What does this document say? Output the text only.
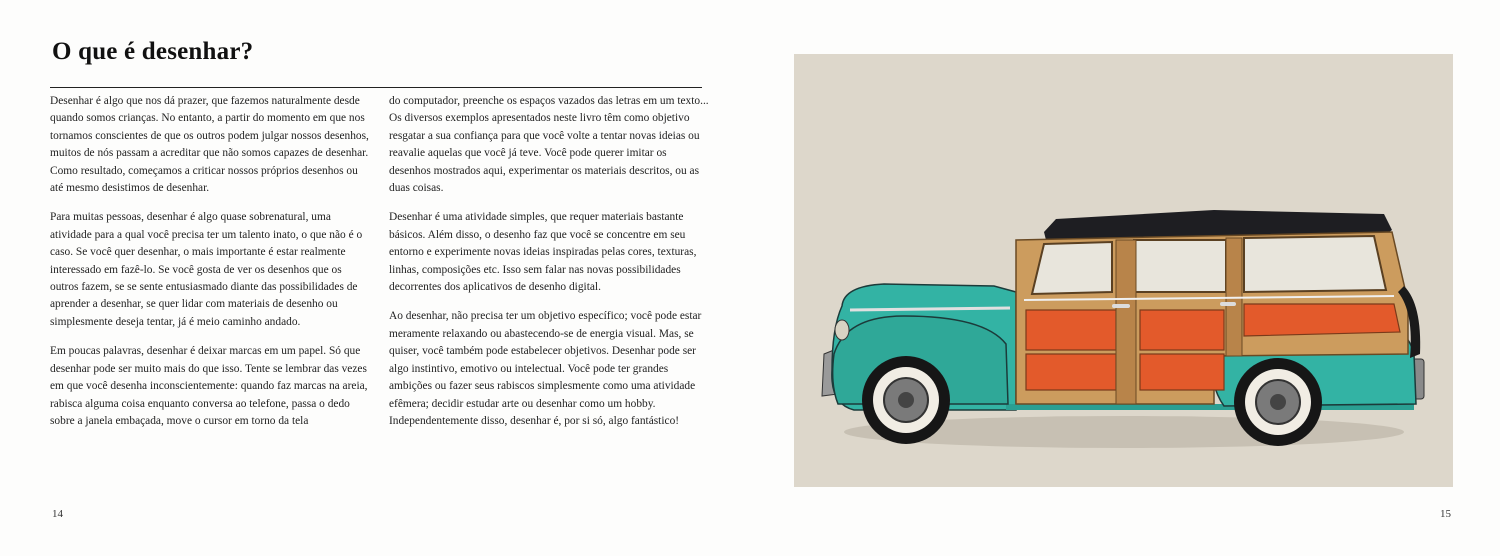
O que é desenhar?

Desenhar é algo que nos dá prazer, que fazemos naturalmente desde quando somos crianças. No entanto, a partir do momento em que nos tornamos conscientes de que os outros podem julgar nossos desenhos, muitos de nós passam a acreditar que não somos capazes de desenhar. Como resultado, começamos a criticar nossos próprios desenhos ou até mesmo desistimos de desenhar.

Para muitas pessoas, desenhar é algo quase sobrenatural, uma atividade para a qual você precisa ter um talento inato, o que não é o caso. Se você quer desenhar, o mais importante é estar realmente interessado em fazê-lo. Se você gosta de ver os desenhos que os outros fazem, se se sente entusiasmado diante das possibilidades de aprender a desenhar, se quer lidar com materiais de desenho ou simplesmente deseja tentar, já é meio caminho andado.

Em poucas palavras, desenhar é deixar marcas em um papel. Só que desenhar pode ser muito mais do que isso. Tente se lembrar das vezes em que você desenha inconscientemente: quando faz marcas na areia, rabisca alguma coisa enquanto conversa ao telefone, passa o dedo sobre a janela embaçada, move o cursor em torno da tela

do computador, preenche os espaços vazados das letras em um texto... Os diversos exemplos apresentados neste livro têm como objetivo resgatar a sua confiança para que você volte a tentar novas ideias ou reavalie aquelas que você já teve. Você pode querer imitar os desenhos mostrados aqui, experimentar os materiais descritos, ou as duas coisas.

Desenhar é uma atividade simples, que requer materiais bastante básicos. Além disso, o desenho faz que você se concentre em seu entorno e experimente novas ideias inspiradas pelas cores, texturas, linhas, composições etc. Isso sem falar nas novas possibilidades decorrentes dos aplicativos de desenho digital.

Ao desenhar, não precisa ter um objetivo específico; você pode estar meramente relaxando ou abastecendo-se de energia visual. Mas, se quiser, você também pode estabelecer objetivos. Desenhar pode ser algo instintivo, emotivo ou intelectual. Você pode ter grandes ambições ou fazer seus rabiscos simplesmente como uma atividade efêmera; decidir estudar arte ou desenhar como um hobby. Independentemente disso, desenhar é, por si só, algo fantástico!

14	15
